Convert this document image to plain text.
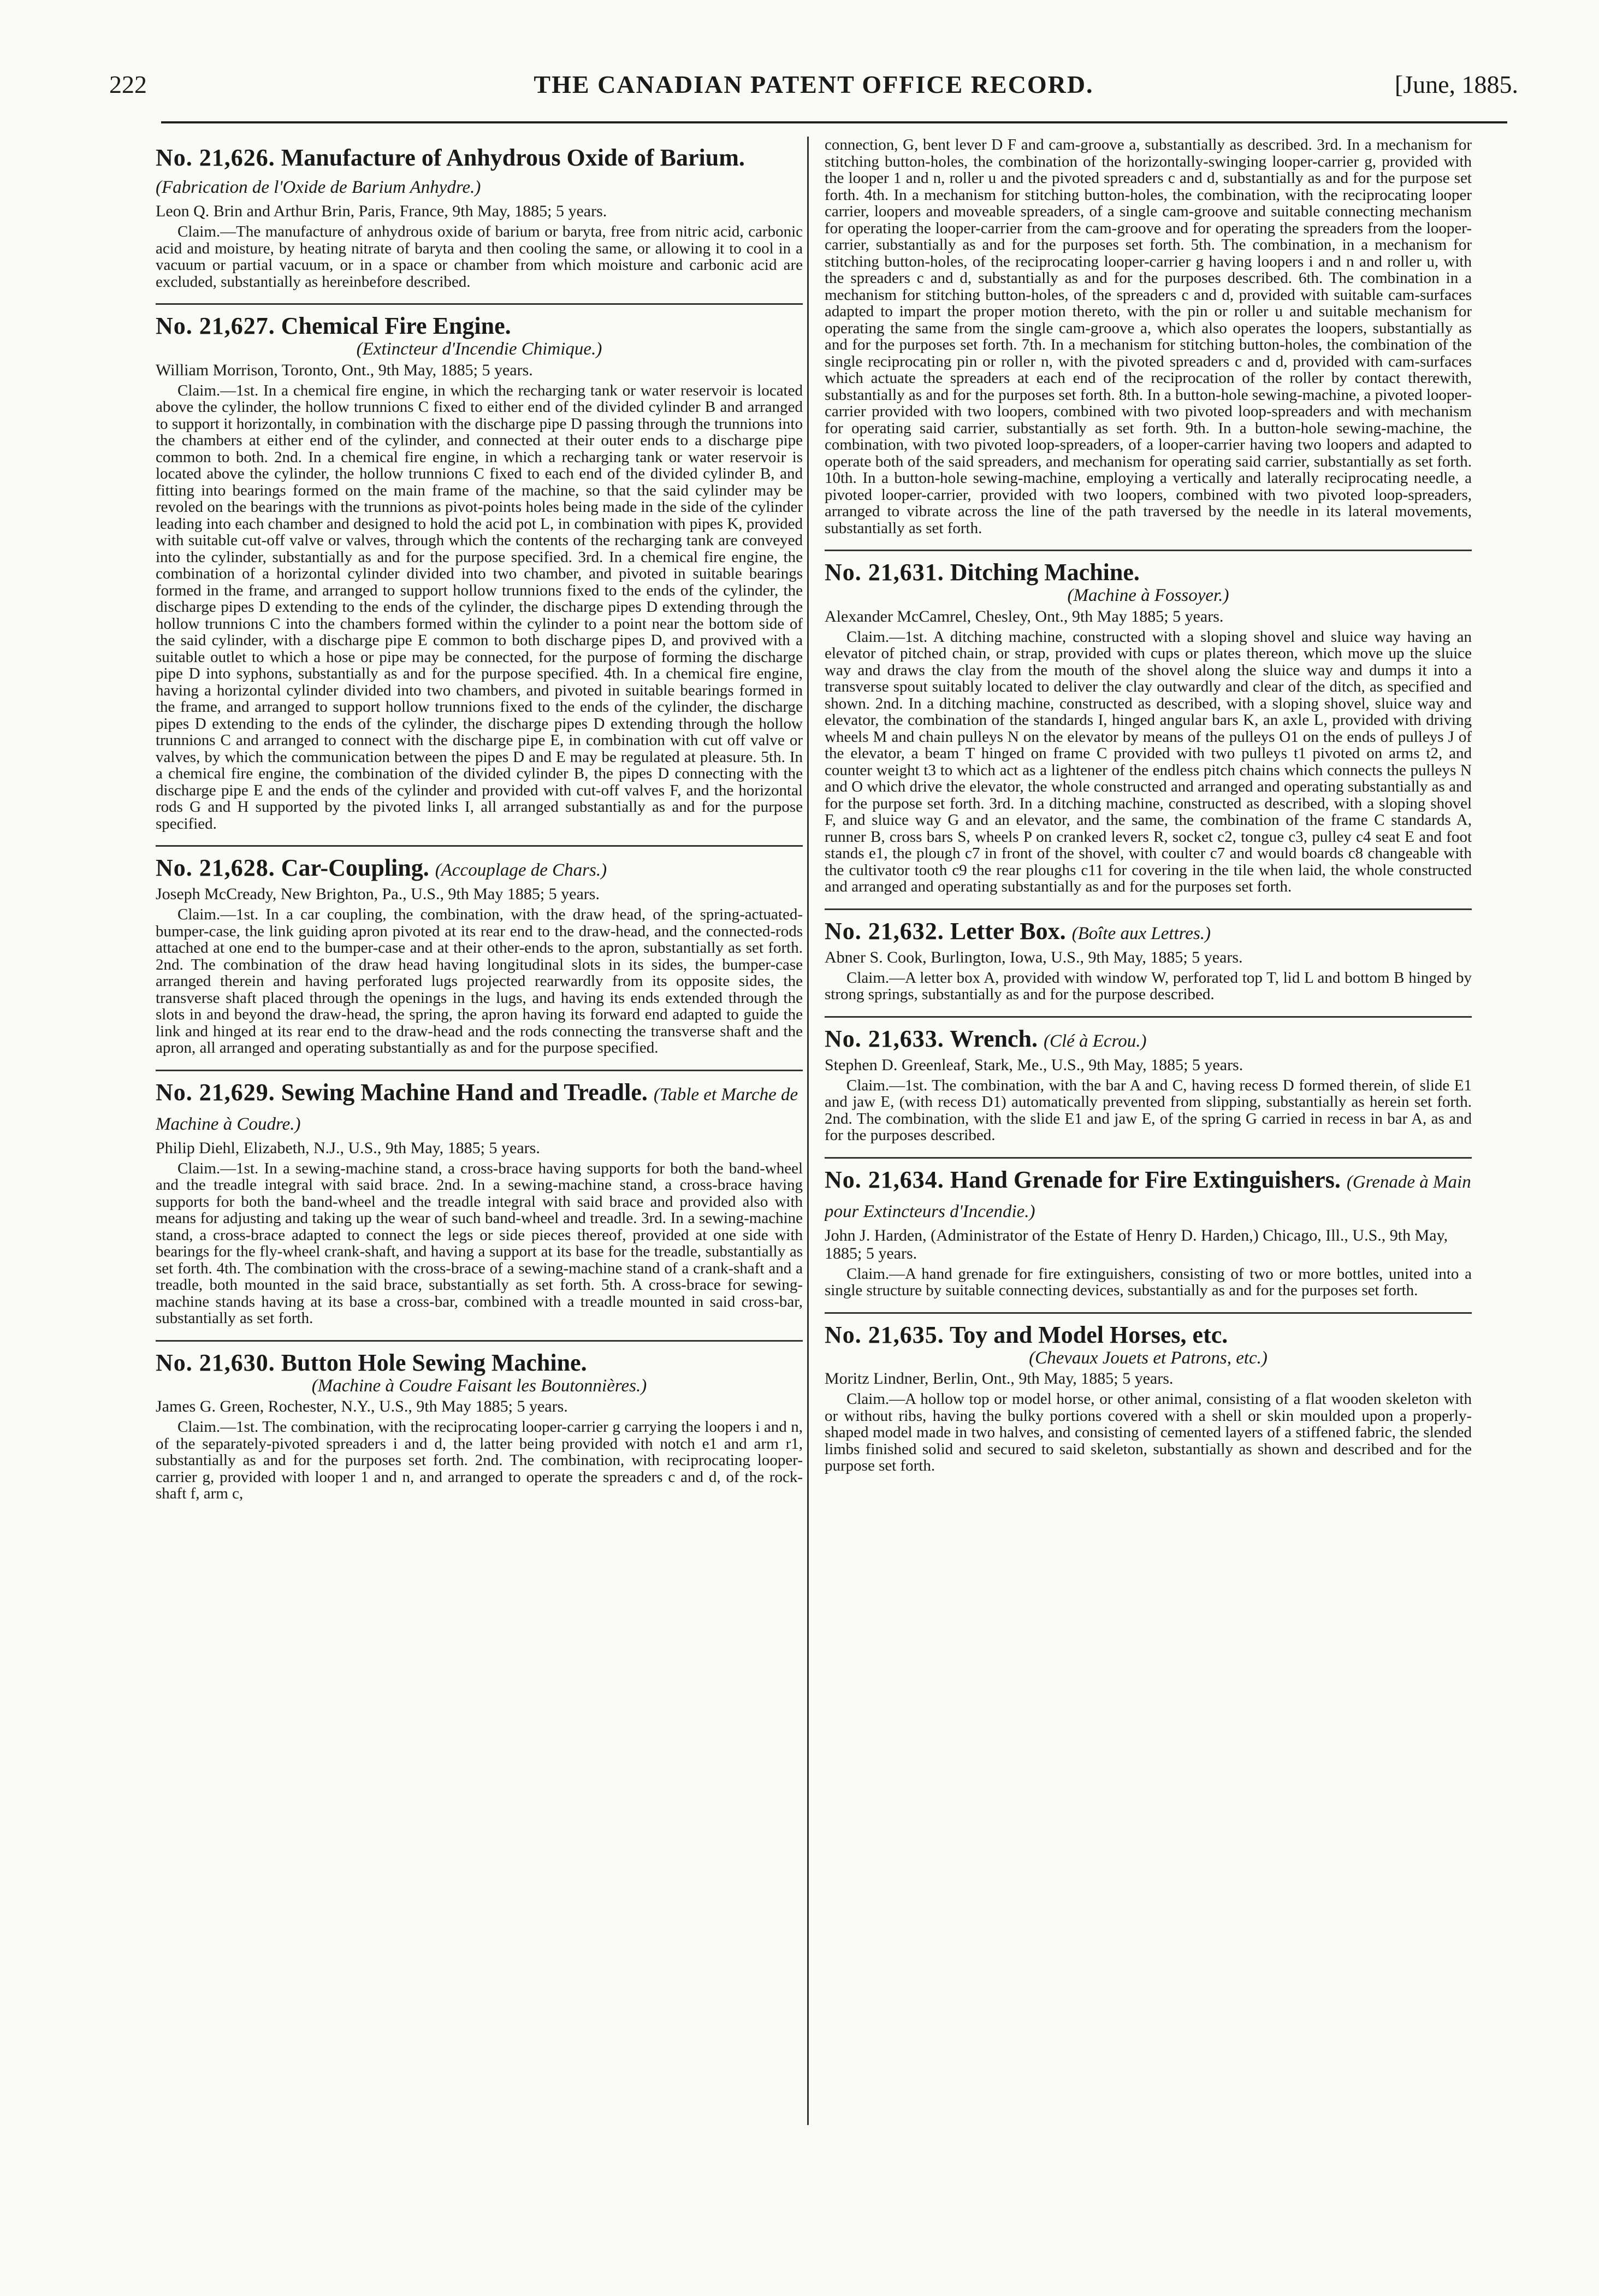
222	THE CANADIAN PATENT OFFICE RECORD.	[June, 1885.
No. 21,626. Manufacture of Anhydrous Oxide of Barium. (Fabrication de l'Oxide de Barium Anhydre.)
Leon Q. Brin and Arthur Brin, Paris, France, 9th May, 1885; 5 years.

Claim.—The manufacture of anhydrous oxide of barium or baryta, free from nitric acid, carbonic acid and moisture, by heating nitrate of baryta and then cooling the same, or allowing it to cool in a vacuum or partial vacuum, or in a space or chamber from which moisture and carbonic acid are excluded, substantially as hereinbefore described.

No. 21,627. Chemical Fire Engine.
(Extincteur d'Incendie Chimique.)
William Morrison, Toronto, Ont., 9th May, 1885; 5 years.

Claim.—1st. In a chemical fire engine, in which the recharging tank or water reservoir is located above the cylinder, the hollow trunnions C fixed to either end of the divided cylinder B and arranged to support it horizontally, in combination with the discharge pipe D passing through the trunnions into the chambers at either end of the cylinder, and connected at their outer ends to a discharge pipe common to both. 2nd. In a chemical fire engine, in which a recharging tank or water reservoir is located above the cylinder, the hollow trunnions C fixed to each end of the divided cylinder B, and fitting into bearings formed on the main frame of the machine, so that the said cylinder may be revoled on the bearings with the trunnions as pivot-points holes being made in the side of the cylinder leading into each chamber and designed to hold the acid pot L, in combination with pipes K, provided with suitable cut-off valve or valves, through which the contents of the recharging tank are conveyed into the cylinder, substantially as and for the purpose specified. 3rd. In a chemical fire engine, the combination of a horizontal cylinder divided into two chamber, and pivoted in suitable bearings formed in the frame, and arranged to support hollow trunnions fixed to the ends of the cylinder, the discharge pipes D extending to the ends of the cylinder, the discharge pipes D extending through the hollow trunnions C into the chambers formed within the cylinder to a point near the bottom side of the said cylinder, with a discharge pipe E common to both discharge pipes D, and provived with a suitable outlet to which a hose or pipe may be connected, for the purpose of forming the discharge pipe D into syphons, substantially as and for the purpose specified. 4th. In a chemical fire engine, having a horizontal cylinder divided into two chambers, and pivoted in suitable bearings formed in the frame, and arranged to support hollow trunnions fixed to the ends of the cylinder, the discharge pipes D extending to the ends of the cylinder, the discharge pipes D extending through the hollow trunnions C and arranged to connect with the discharge pipe E, in combination with cut off valve or valves, by which the communication between the pipes D and E may be regulated at pleasure. 5th. In a chemical fire engine, the combination of the divided cylinder B, the pipes D connecting with the discharge pipe E and the ends of the cylinder and provided with cut-off valves F, and the horizontal rods G and H supported by the pivoted links I, all arranged substantially as and for the purpose specified.

No. 21,628. Car-Coupling. (Accouplage de Chars.)
Joseph McCready, New Brighton, Pa., U.S., 9th May 1885; 5 years.

Claim.—1st. In a car coupling, the combination, with the draw head, of the spring-actuated-bumper-case, the link guiding apron pivoted at its rear end to the draw-head, and the connected-rods attached at one end to the bumper-case and at their other-ends to the apron, substantially as set forth. 2nd. The combination of the draw head having longitudinal slots in its sides, the bumper-case arranged therein and having perforated lugs projected rearwardly from its opposite sides, the transverse shaft placed through the openings in the lugs, and having its ends extended through the slots in and beyond the draw-head, the spring, the apron having its forward end adapted to guide the link and hinged at its rear end to the draw-head and the rods connecting the transverse shaft and the apron, all arranged and operating substantially as and for the purpose specified.

No. 21,629. Sewing Machine Hand and Treadle. (Table et Marche de Machine à Coudre.)
Philip Diehl, Elizabeth, N.J., U.S., 9th May, 1885; 5 years.

Claim.—1st. In a sewing-machine stand, a cross-brace having supports for both the band-wheel and the treadle integral with said brace. 2nd. In a sewing-machine stand, a cross-brace having supports for both the band-wheel and the treadle integral with said brace and provided also with means for adjusting and taking up the wear of such band-wheel and treadle. 3rd. In a sewing-machine stand, a cross-brace adapted to connect the legs or side pieces thereof, provided at one side with bearings for the fly-wheel crank-shaft, and having a support at its base for the treadle, substantially as set forth. 4th. The combination with the cross-brace of a sewing-machine stand of a crank-shaft and a treadle, both mounted in the said brace, substantially as set forth. 5th. A cross-brace for sewing-machine stands having at its base a cross-bar, combined with a treadle mounted in said cross-bar, substantially as set forth.

No. 21,630. Button Hole Sewing Machine.
(Machine à Coudre Faisant les Boutonnières.)
James G. Green, Rochester, N.Y., U.S., 9th May 1885; 5 years.

Claim.—1st. The combination, with the reciprocating looper-carrier g carrying the loopers i and n, of the separately-pivoted spreaders i and d, the latter being provided with notch e1 and arm r1, substantially as and for the purposes set forth. 2nd. The combination, with reciprocating looper-carrier g, provided with looper 1 and n, and arranged to operate the spreaders c and d, of the rock-shaft f, arm c,

connection, G, bent lever D F and cam-groove a, substantially as described. 3rd. In a mechanism for stitching button-holes, the combination of the horizontally-swinging looper-carrier g, provided with the looper 1 and n, roller u and the pivoted spreaders c and d, substantially as and for the purpose set forth. 4th. In a mechanism for stitching button-holes, the combination, with the reciprocating looper carrier, loopers and moveable spreaders, of a single cam-groove and suitable connecting mechanism for operating the looper-carrier from the cam-groove and for operating the spreaders from the looper-carrier, substantially as and for the purposes set forth. 5th. The combination, in a mechanism for stitching button-holes, of the reciprocating looper-carrier g having loopers i and n and roller u, with the spreaders c and d, substantially as and for the purposes described. 6th. The combination in a mechanism for stitching button-holes, of the spreaders c and d, provided with suitable cam-surfaces adapted to impart the proper motion thereto, with the pin or roller u and suitable mechanism for operating the same from the single cam-groove a, which also operates the loopers, substantially as and for the purposes set forth. 7th. In a mechanism for stitching button-holes, the combination of the single reciprocating pin or roller n, with the pivoted spreaders c and d, provided with cam-surfaces which actuate the spreaders at each end of the reciprocation of the roller by contact therewith, substantially as and for the purposes set forth. 8th. In a button-hole sewing-machine, a pivoted looper-carrier provided with two loopers, combined with two pivoted loop-spreaders and with mechanism for operating said carrier, substantially as set forth. 9th. In a button-hole sewing-machine, the combination, with two pivoted loop-spreaders, of a looper-carrier having two loopers and adapted to operate both of the said spreaders, and mechanism for operating said carrier, substantially as set forth. 10th. In a button-hole sewing-machine, employing a vertically and laterally reciprocating needle, a pivoted looper-carrier, provided with two loopers, combined with two pivoted loop-spreaders, arranged to vibrate across the line of the path traversed by the needle in its lateral movements, substantially as set forth.

No. 21,631. Ditching Machine.
(Machine à Fossoyer.)
Alexander McCamrel, Chesley, Ont., 9th May 1885; 5 years.

Claim.—1st. A ditching machine, constructed with a sloping shovel and sluice way having an elevator of pitched chain, or strap, provided with cups or plates thereon, which move up the sluice way and draws the clay from the mouth of the shovel along the sluice way and dumps it into a transverse spout suitably located to deliver the clay outwardly and clear of the ditch, as specified and shown. 2nd. In a ditching machine, constructed as described, with a sloping shovel, sluice way and elevator, the combination of the standards I, hinged angular bars K, an axle L, provided with driving wheels M and chain pulleys N on the elevator by means of the pulleys O1 on the ends of pulleys J of the elevator, a beam T hinged on frame C provided with two pulleys t1 pivoted on arms t2, and counter weight t3 to which act as a lightener of the endless pitch chains which connects the pulleys N and O which drive the elevator, the whole constructed and arranged and operating substantially as and for the purpose set forth. 3rd. In a ditching machine, constructed as described, with a sloping shovel F, and sluice way G and an elevator, and the same, the combination of the frame C standards A, runner B, cross bars S, wheels P on cranked levers R, socket c2, tongue c3, pulley c4 seat E and foot stands e1, the plough c7 in front of the shovel, with coulter c7 and would boards c8 changeable with the cultivator tooth c9 the rear ploughs c11 for covering in the tile when laid, the whole constructed and arranged and operating substantially as and for the purposes set forth.

No. 21,632. Letter Box. (Boîte aux Lettres.)
Abner S. Cook, Burlington, Iowa, U.S., 9th May, 1885; 5 years.

Claim.—A letter box A, provided with window W, perforated top T, lid L and bottom B hinged by strong springs, substantially as and for the purpose described.

No. 21,633. Wrench. (Clé à Ecrou.)
Stephen D. Greenleaf, Stark, Me., U.S., 9th May, 1885; 5 years.

Claim.—1st. The combination, with the bar A and C, having recess D formed therein, of slide E1 and jaw E, (with recess D1) automatically prevented from slipping, substantially as herein set forth. 2nd. The combination, with the slide E1 and jaw E, of the spring G carried in recess in bar A, as and for the purposes described.

No. 21,634. Hand Grenade for Fire Extinguishers. (Grenade à Main pour Extincteurs d'Incendie.)
John J. Harden, (Administrator of the Estate of Henry D. Harden,) Chicago, Ill., U.S., 9th May, 1885; 5 years.

Claim.—A hand grenade for fire extinguishers, consisting of two or more bottles, united into a single structure by suitable connecting devices, substantially as and for the purposes set forth.

No. 21,635. Toy and Model Horses, etc.
(Chevaux Jouets et Patrons, etc.)
Moritz Lindner, Berlin, Ont., 9th May, 1885; 5 years.

Claim.—A hollow top or model horse, or other animal, consisting of a flat wooden skeleton with or without ribs, having the bulky portions covered with a shell or skin moulded upon a properly-shaped model made in two halves, and consisting of cemented layers of a stiffened fabric, the slended limbs finished solid and secured to said skeleton, substantially as shown and described and for the purpose set forth.
